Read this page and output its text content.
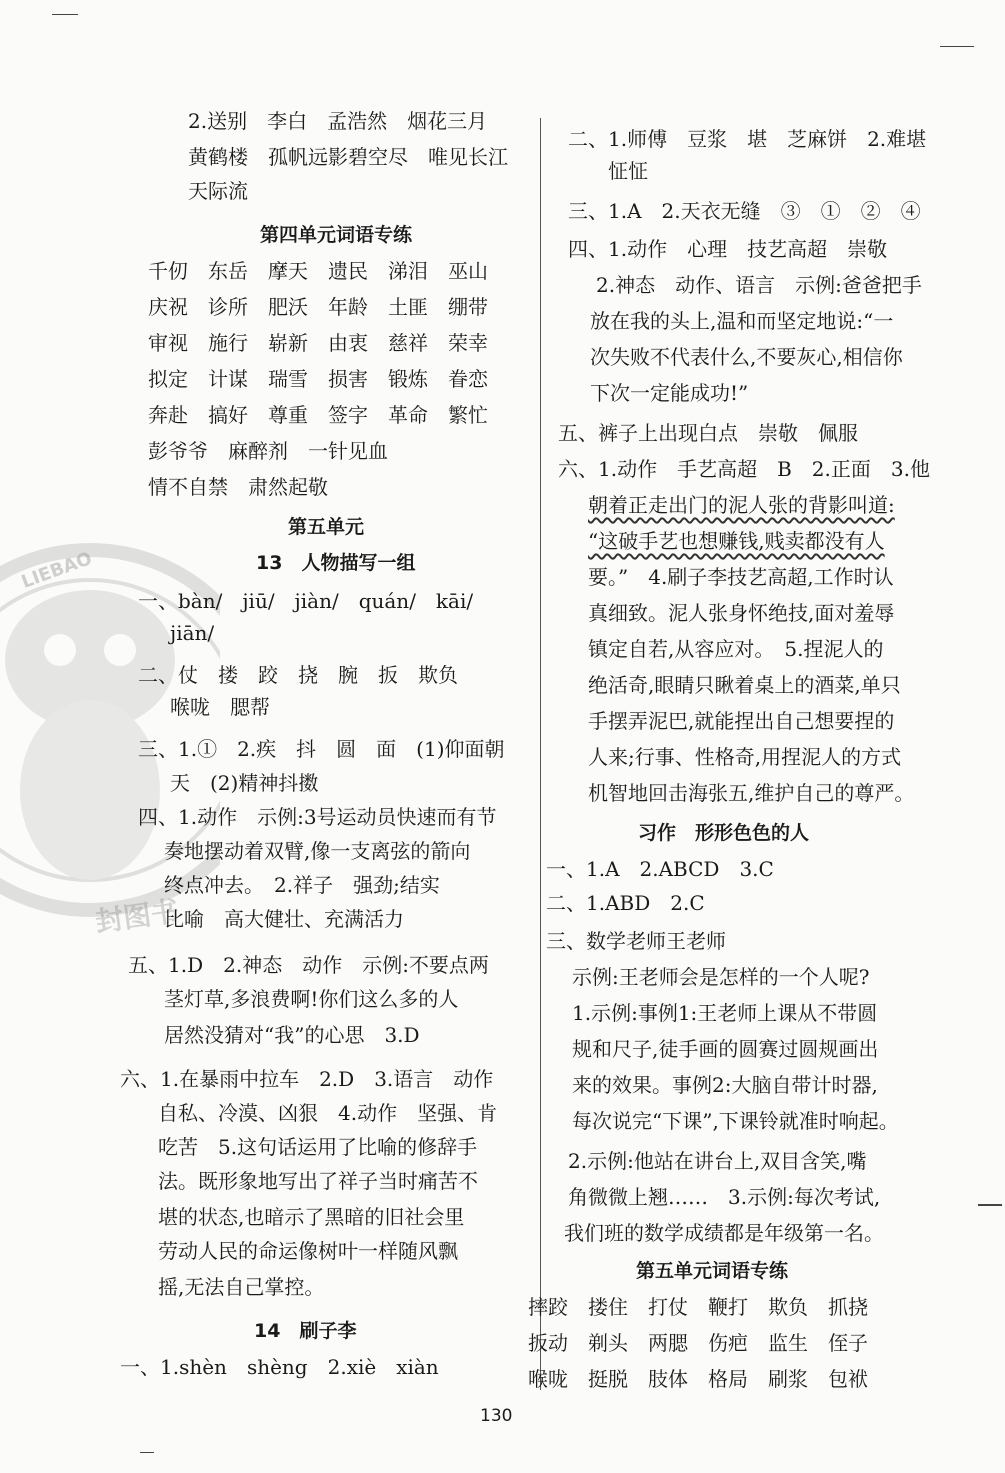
LIEBAO
封图书
2.送别　李白　孟浩然　烟花三月
黄鹤楼　孤帆远影碧空尽　唯见长江
天际流
第四单元词语专练
千仞　东岳　摩天　遗民　涕泪　巫山
庆祝　诊所　肥沃　年龄　土匪　绷带
审视　施行　崭新　由衷　慈祥　荣幸
拟定　计谋　瑞雪　损害　锻炼　眷恋
奔赴　搞好　尊重　签字　革命　繁忙
彭爷爷　麻醉剂　一针见血
情不自禁　肃然起敬
第五单元
13　人物描写一组
一、bàn/　jiū/　jiàn/　quán/　kāi/
jiān/
二、仗　搂　跤　挠　腕　扳　欺负
喉咙　腮帮
三、1.①　2.疾　抖　圆　面　(1)仰面朝
天　(2)精神抖擞
四、1.动作　示例:3号运动员快速而有节
奏地摆动着双臂,像一支离弦的箭向
终点冲去。　2.祥子　强劲;结实
比喻　高大健壮、充满活力
五、1.D　2.神态　动作　示例:不要点两
茎灯草,多浪费啊!你们这么多的人
居然没猜对“我”的心思　3.D
六、1.在暴雨中拉车　2.D　3.语言　动作
自私、冷漠、凶狠　4.动作　坚强、肯
吃苦　5.这句话运用了比喻的修辞手
法。既形象地写出了祥子当时痛苦不
堪的状态,也暗示了黑暗的旧社会里
劳动人民的命运像树叶一样随风飘
摇,无法自己掌控。
14　刷子李
一、1.shèn　shèng　2.xiè　xiàn
二、1.师傅　豆浆　堪　芝麻饼　2.难堪
怔怔
三、1.A　2.天衣无缝　③　①　②　④
四、1.动作　心理　技艺高超　崇敬
2.神态　动作、语言　示例:爸爸把手
放在我的头上,温和而坚定地说:“一
次失败不代表什么,不要灰心,相信你
下次一定能成功!”
五、裤子上出现白点　崇敬　佩服
六、1.动作　手艺高超　B　2.正面　3.他
朝着正走出门的泥人张的背影叫道:
“这破手艺也想赚钱,贱卖都没有人
要。”　4.刷子李技艺高超,工作时认
真细致。泥人张身怀绝技,面对羞辱
镇定自若,从容应对。　5.捏泥人的
绝活奇,眼睛只瞅着桌上的酒菜,单只
手摆弄泥巴,就能捏出自己想要捏的
人来;行事、性格奇,用捏泥人的方式
机智地回击海张五,维护自己的尊严。
习作　形形色色的人
一、1.A　2.ABCD　3.C
二、1.ABD　2.C
三、数学老师王老师
示例:王老师会是怎样的一个人呢?
1.示例:事例1:王老师上课从不带圆
规和尺子,徒手画的圆赛过圆规画出
来的效果。事例2:大脑自带计时器,
每次说完“下课”,下课铃就准时响起。
2.示例:他站在讲台上,双目含笑,嘴
角微微上翘……　3.示例:每次考试,
我们班的数学成绩都是年级第一名。
第五单元词语专练
摔跤　搂住　打仗　鞭打　欺负　抓挠
扳动　剃头　两腮　伤疤　监生　侄子
喉咙　挺脱　肢体　格局　刷浆　包袱
130
